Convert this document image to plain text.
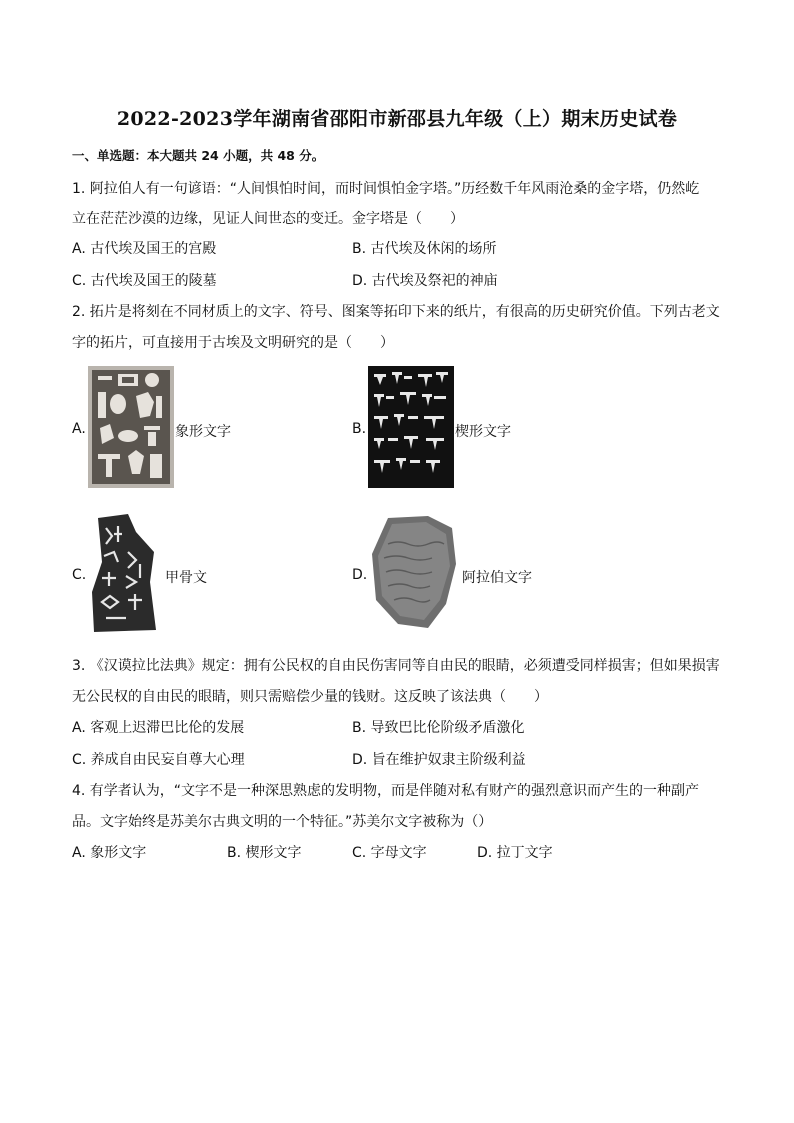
2022-2023学年湖南省邵阳市新邵县九年级（上）期末历史试卷
一、单选题：本大题共 24 小题，共 48 分。
1. 阿拉伯人有一句谚语：“人间惧怕时间，而时间惧怕金字塔。”历经数千年风雨沧桑的金字塔，仍然屹
立在茫茫沙漠的边缘，见证人间世态的变迁。金字塔是（　　）
A. 古代埃及国王的宫殿	B. 古代埃及休闲的场所
C. 古代埃及国王的陵墓	D. 古代埃及祭祀的神庙
2. 拓片是将刻在不同材质上的文字、符号、图案等拓印下来的纸片，有很高的历史研究价值。下列古老文
字的拓片，可直接用于古埃及文明研究的是（　　）
A.	象形文字	B.	楔形文字
C.	甲骨文	D.	阿拉伯文字
3. 《汉谟拉比法典》规定：拥有公民权的自由民伤害同等自由民的眼睛，必须遭受同样损害；但如果损害
无公民权的自由民的眼睛，则只需赔偿少量的钱财。这反映了该法典（　　）
A. 客观上迟滞巴比伦的发展	B. 导致巴比伦阶级矛盾激化
C. 养成自由民妄自尊大心理	D. 旨在维护奴隶主阶级利益
4. 有学者认为，“文字不是一种深思熟虑的发明物，而是伴随对私有财产的强烈意识而产生的一种副产
品。文字始终是苏美尔古典文明的一个特征。”苏美尔文字被称为（）
A. 象形文字	B. 楔形文字	C. 字母文字	D. 拉丁文字
